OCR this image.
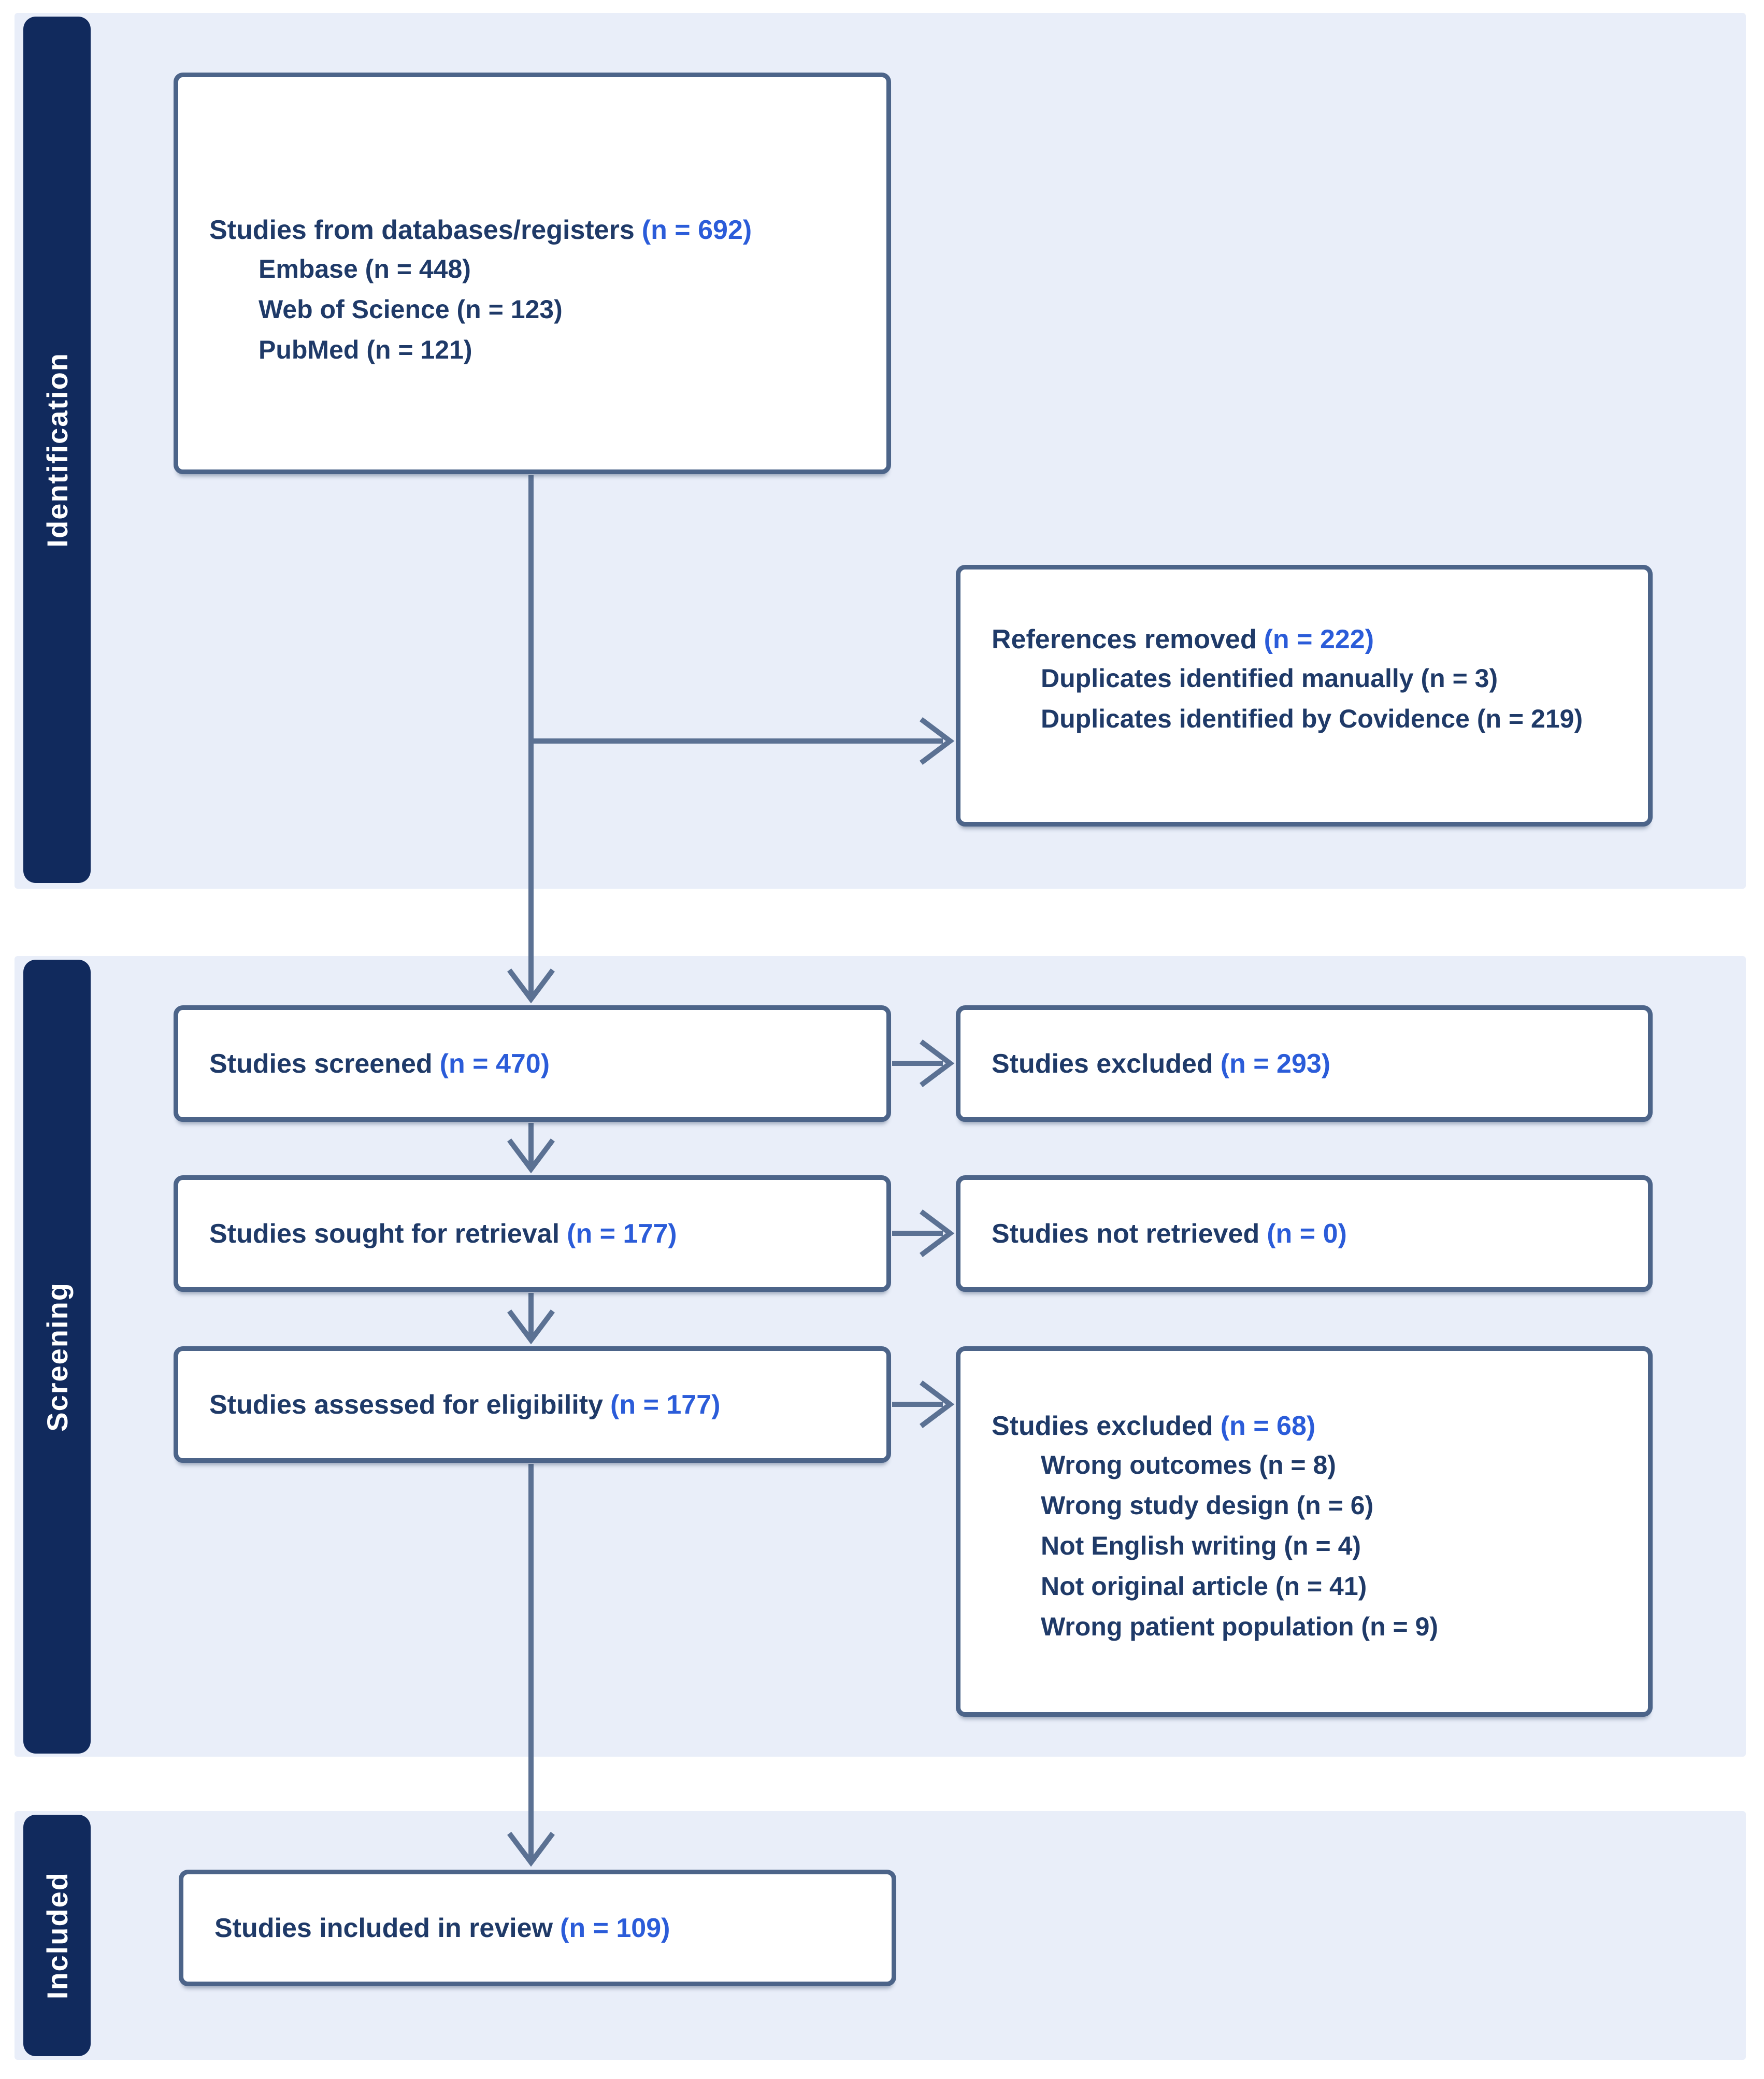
Identification
Screening
Included
Studies from databases/registers (n = 692)
Embase (n = 448)
Web of Science (n = 123)
PubMed (n = 121)
References removed (n = 222)
Duplicates identified manually (n = 3)
Duplicates identified by Covidence (n = 219)
Studies screened (n = 470)	Studies excluded (n = 293)
Studies sought for retrieval (n = 177)	Studies not retrieved (n = 0)
Studies assessed for eligibility (n = 177)
Studies excluded (n = 68)
Wrong outcomes (n = 8)
Wrong study design (n = 6)
Not English writing (n = 4)
Not original article (n = 41)
Wrong patient population (n = 9)
Studies included in review (n = 109)
